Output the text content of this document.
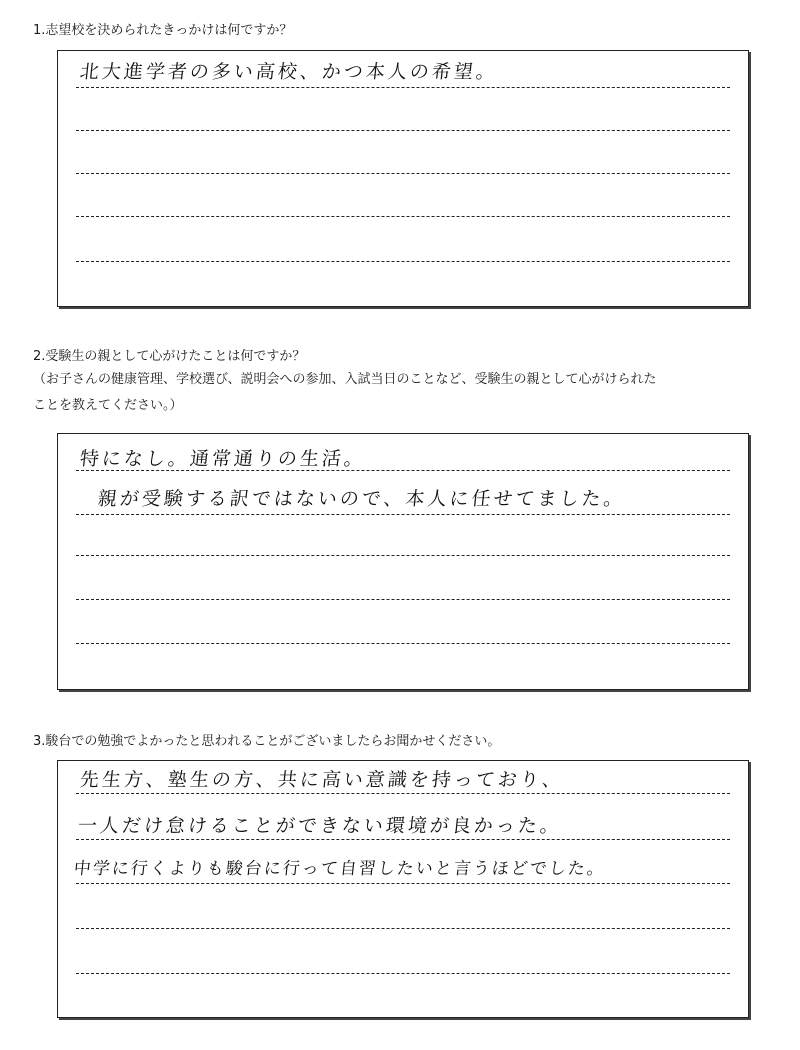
1.志望校を決められたきっかけは何ですか？
北大進学者の多い高校、かつ本人の希望。
2.受験生の親として心がけたことは何ですか？
（お子さんの健康管理、学校選び、説明会への参加、入試当日のことなど、受験生の親として心がけられた
ことを教えてください。）
特になし。通常通りの生活。
親が受験する訳ではないので、本人に任せてました。
3.駿台での勉強でよかったと思われることがございましたらお聞かせください。
先生方、塾生の方、共に高い意識を持っており、
一人だけ怠けることができない環境が良かった。
中学に行くよりも駿台に行って自習したいと言うほどでした。
